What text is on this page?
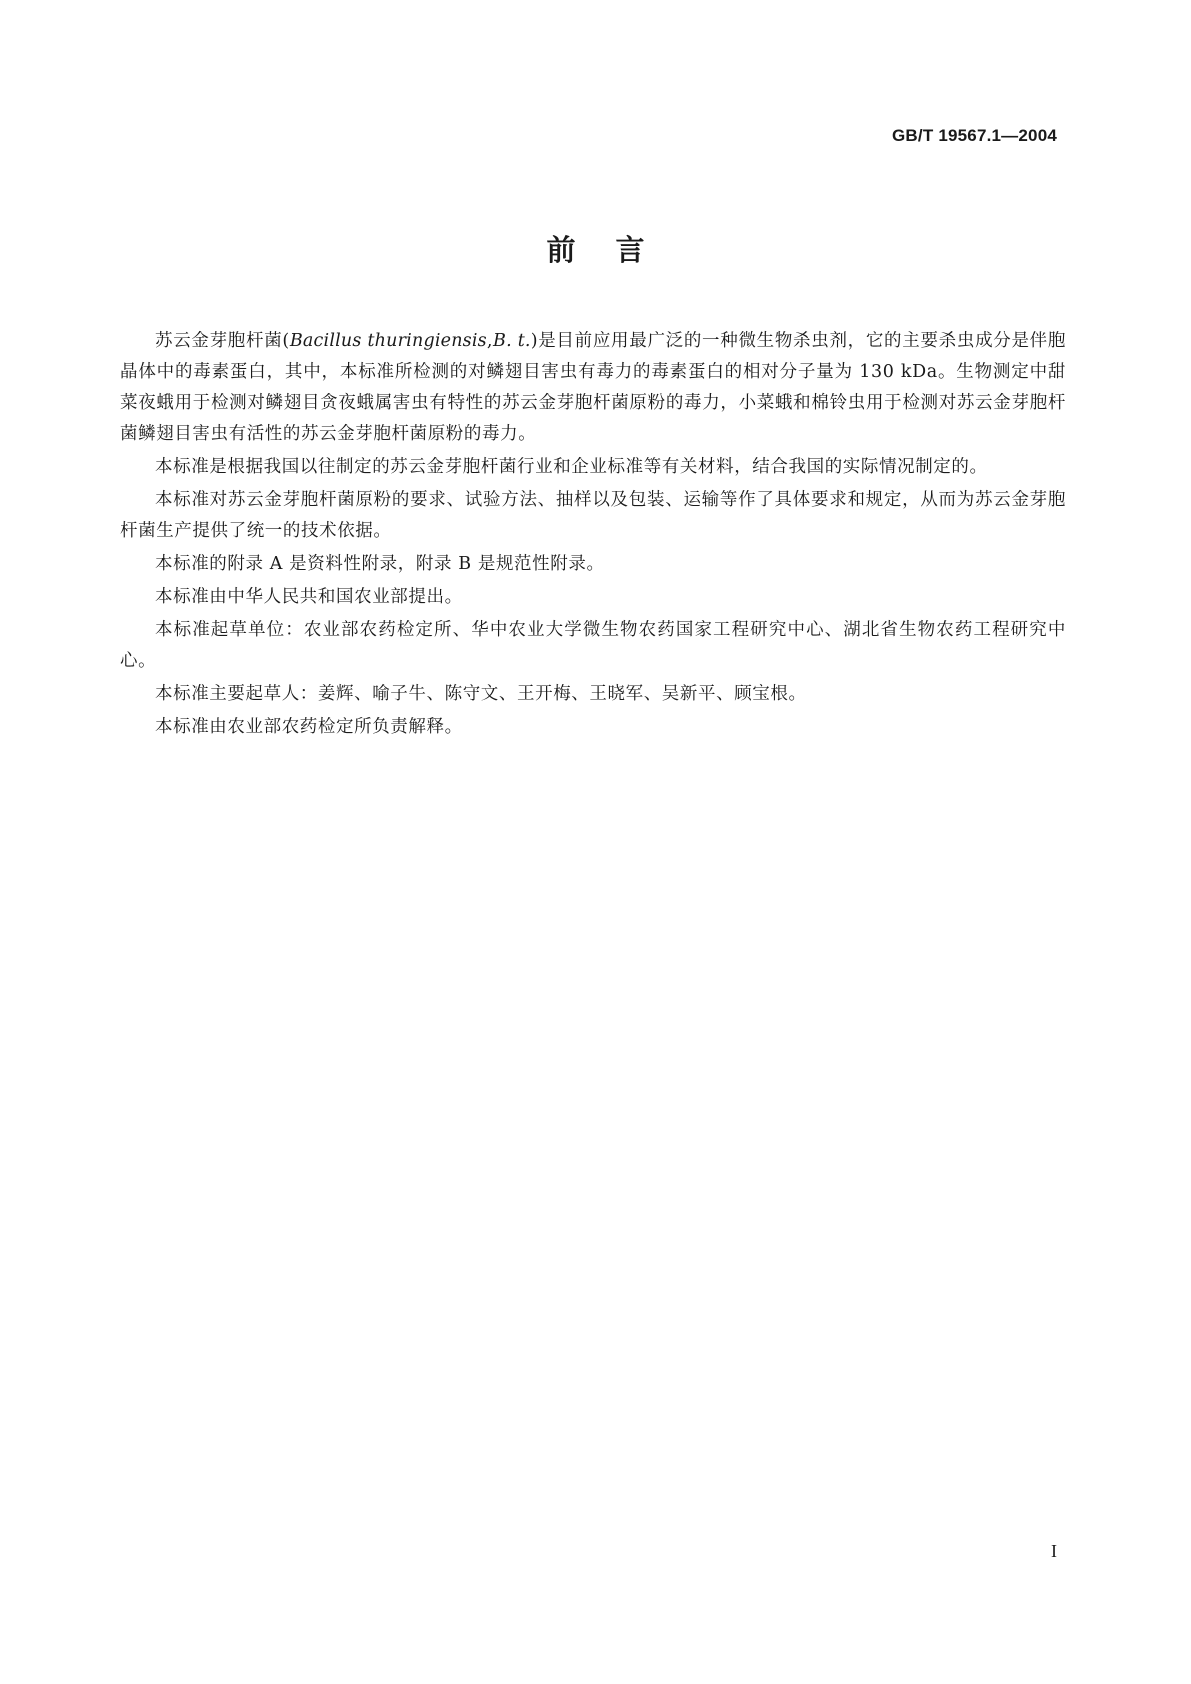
GB/T 19567.1—2004
前言

苏云金芽胞杆菌(Bacillus thuringiensis,B. t.)是目前应用最广泛的一种微生物杀虫剂，它的主要杀虫成分是伴胞晶体中的毒素蛋白，其中，本标准所检测的对鳞翅目害虫有毒力的毒素蛋白的相对分子量为 130 kDa。生物测定中甜菜夜蛾用于检测对鳞翅目贪夜蛾属害虫有特性的苏云金芽胞杆菌原粉的毒力，小菜蛾和棉铃虫用于检测对苏云金芽胞杆菌鳞翅目害虫有活性的苏云金芽胞杆菌原粉的毒力。

本标准是根据我国以往制定的苏云金芽胞杆菌行业和企业标准等有关材料，结合我国的实际情况制定的。

本标准对苏云金芽胞杆菌原粉的要求、试验方法、抽样以及包装、运输等作了具体要求和规定，从而为苏云金芽胞杆菌生产提供了统一的技术依据。

本标准的附录 A 是资料性附录，附录 B 是规范性附录。

本标准由中华人民共和国农业部提出。

本标准起草单位：农业部农药检定所、华中农业大学微生物农药国家工程研究中心、湖北省生物农药工程研究中心。

本标准主要起草人：姜辉、喻子牛、陈守文、王开梅、王晓军、吴新平、顾宝根。

本标准由农业部农药检定所负责解释。

I
